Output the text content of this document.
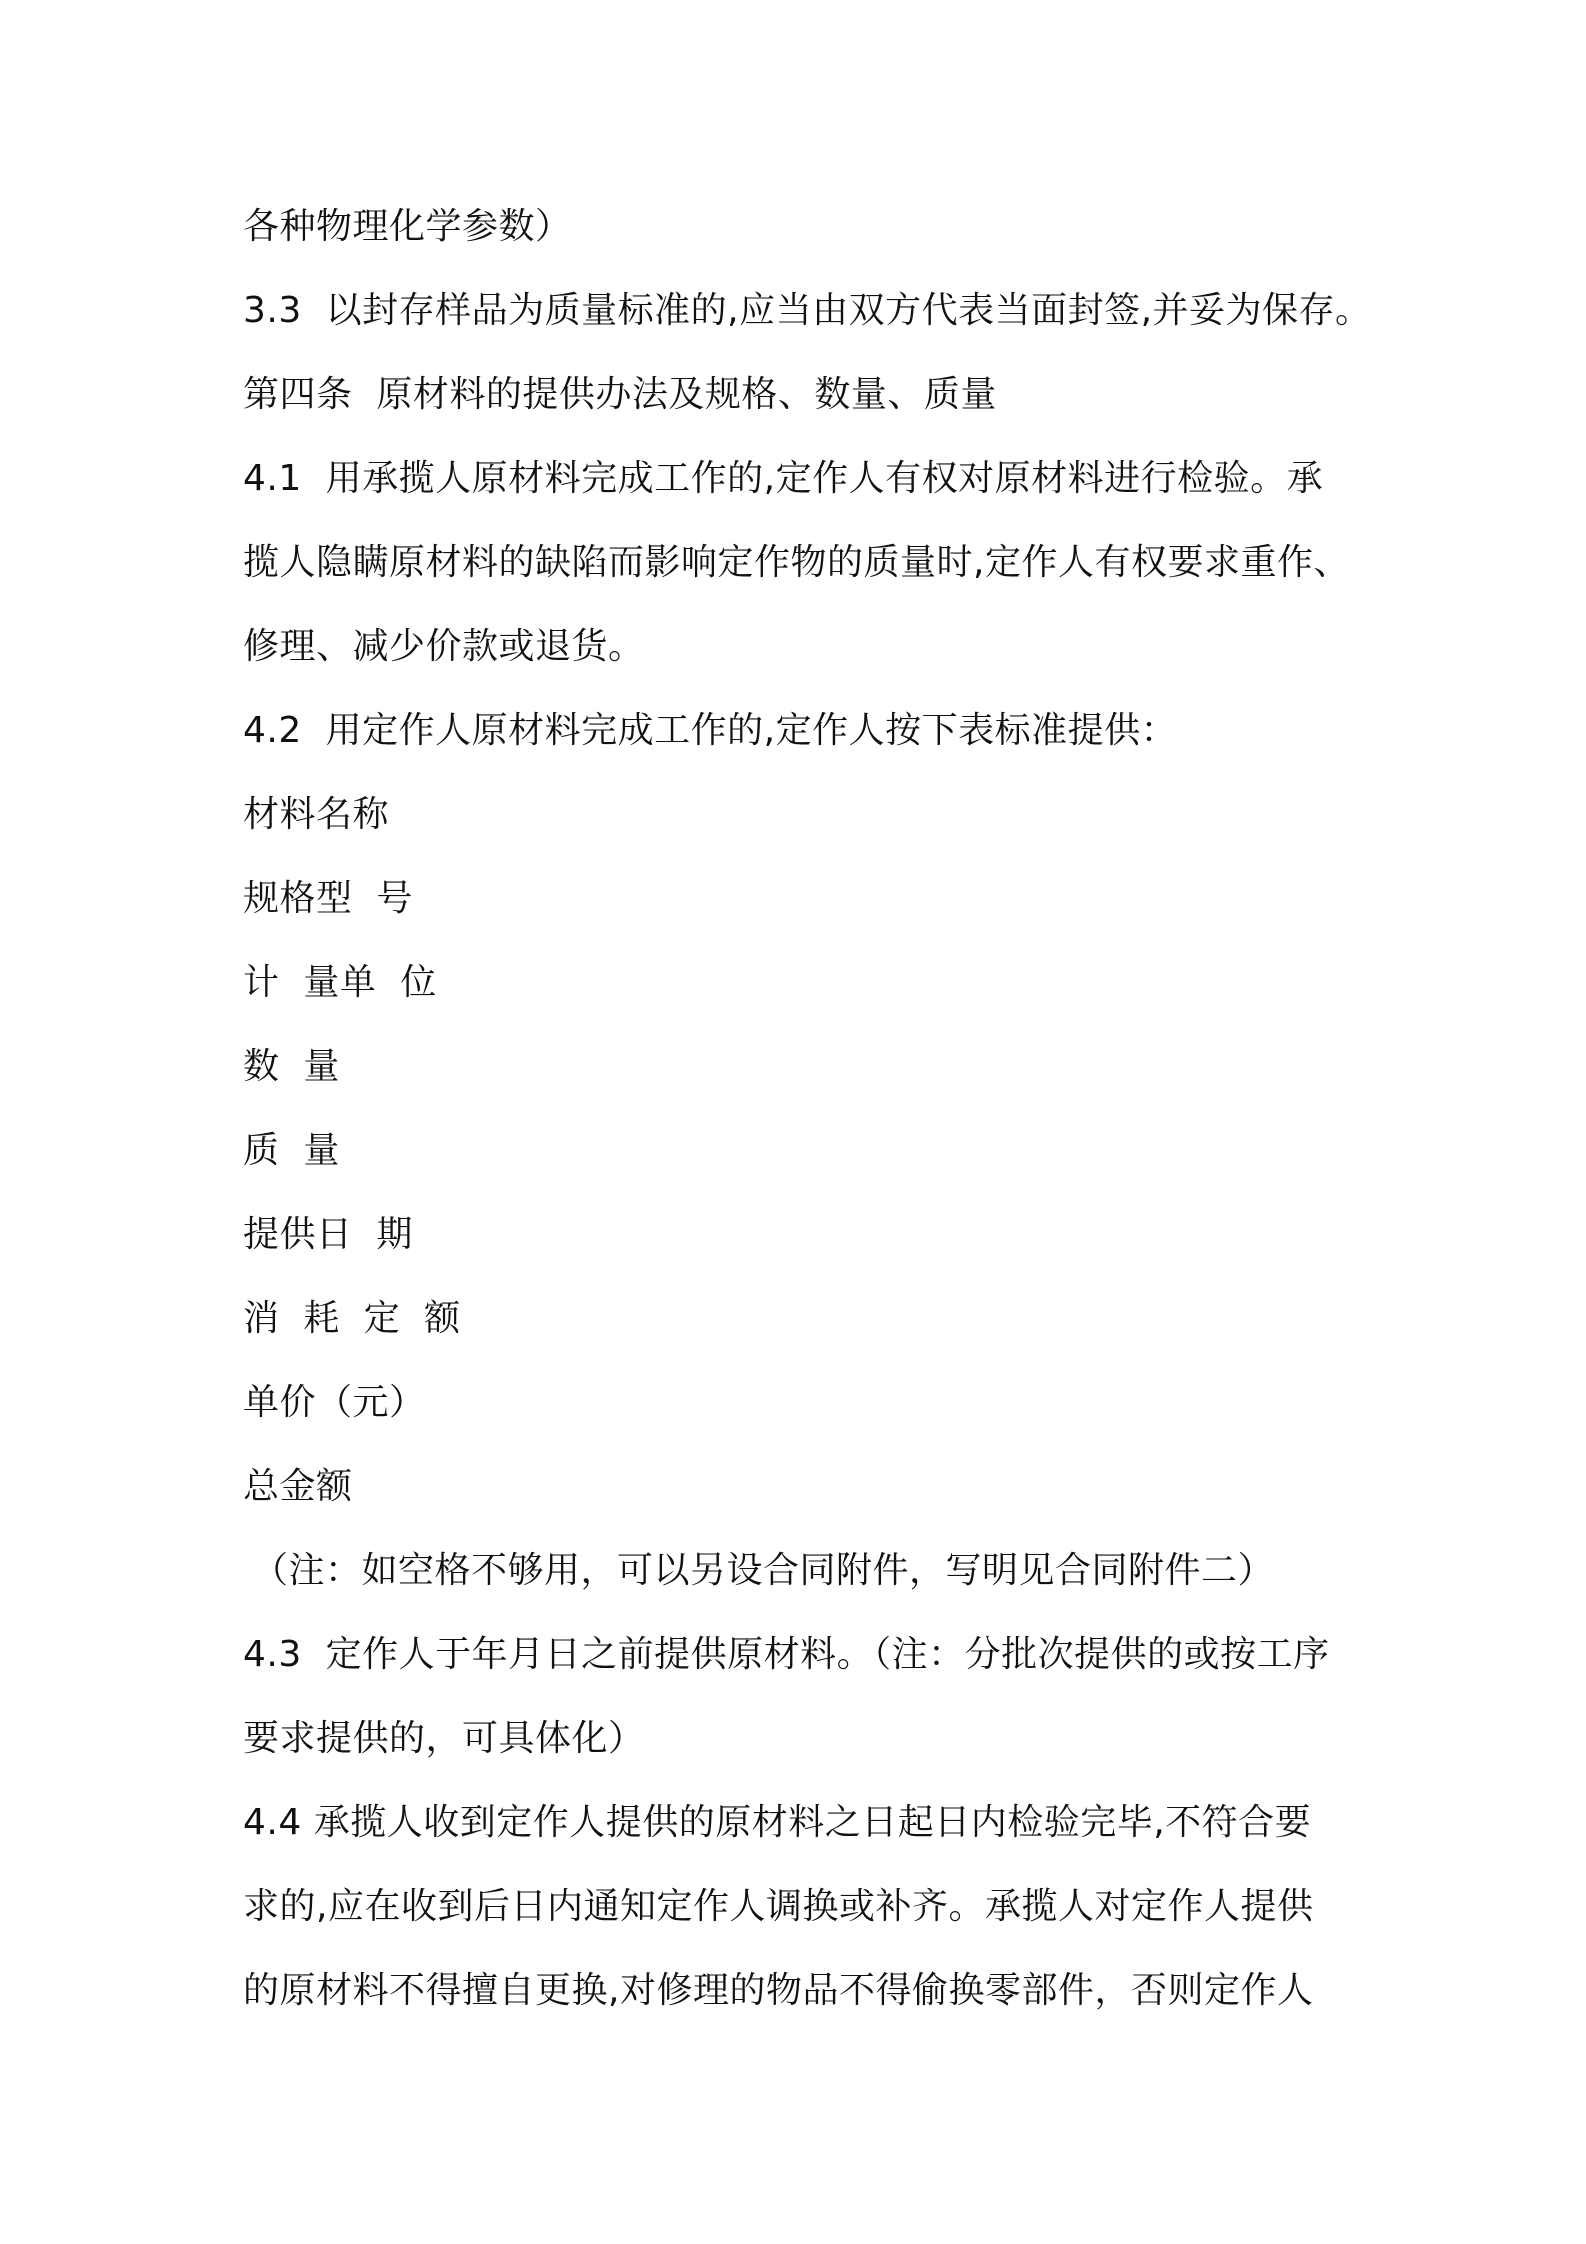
各种物理化学参数）
3.3  以封存样品为质量标准的,应当由双方代表当面封签,并妥为保存。
第四条  原材料的提供办法及规格、数量、质量
4.1  用承揽人原材料完成工作的,定作人有权对原材料进行检验。承
揽人隐瞒原材料的缺陷而影响定作物的质量时,定作人有权要求重作、
修理、减少价款或退货。
4.2  用定作人原材料完成工作的,定作人按下表标准提供：
材料名称
规格型  号
计  量单  位
数  量
质  量
提供日  期
消  耗  定  额
单价（元）
总金额
（注：如空格不够用，可以另设合同附件，写明见合同附件二）
4.3  定作人于年月日之前提供原材料。（注：分批次提供的或按工序
要求提供的，可具体化）
4.4 承揽人收到定作人提供的原材料之日起日内检验完毕,不符合要
求的,应在收到后日内通知定作人调换或补齐。承揽人对定作人提供
的原材料不得擅自更换,对修理的物品不得偷换零部件，否则定作人
